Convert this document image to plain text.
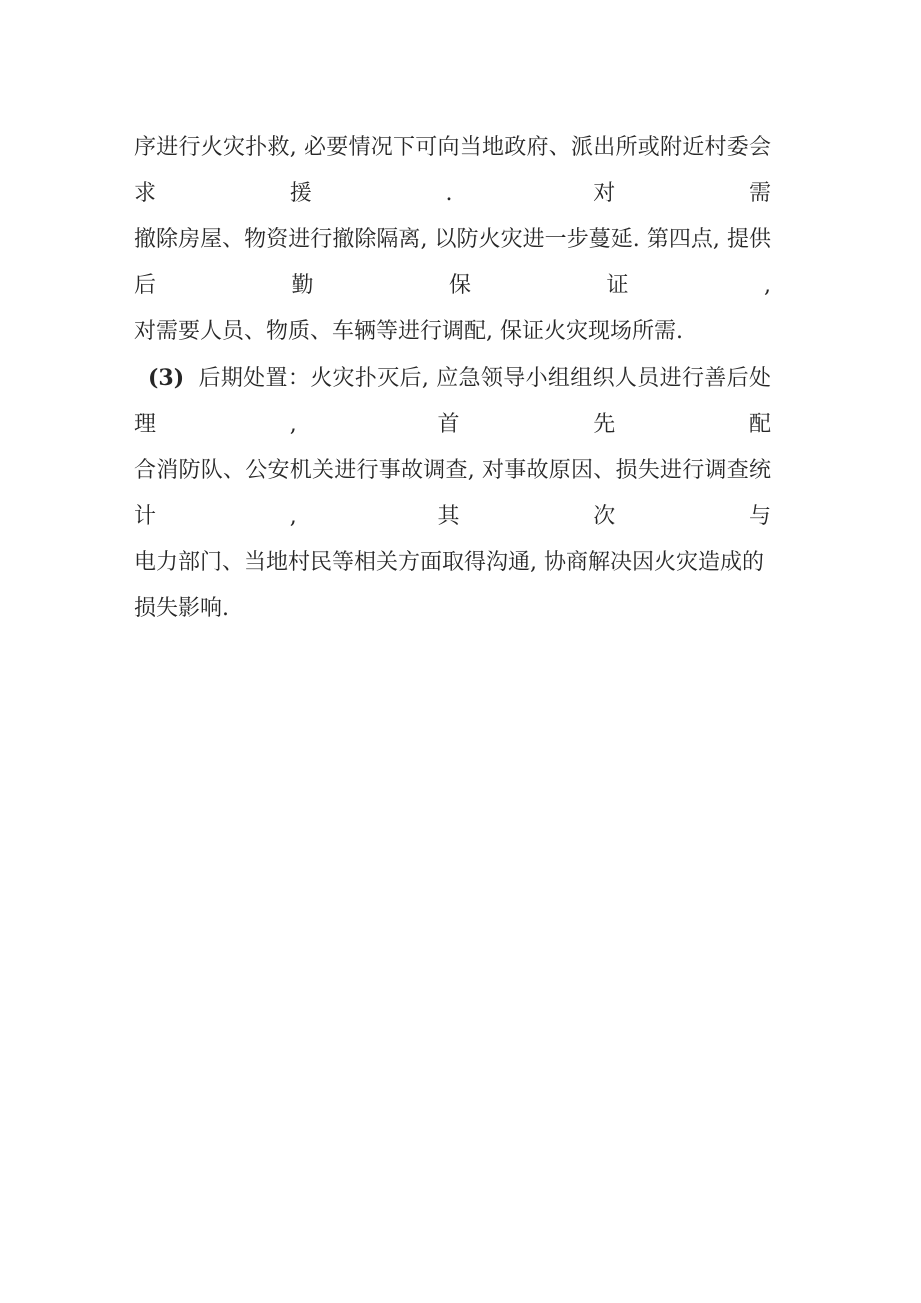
序进行火灾扑救, 必要情况下可向当地政府、派出所或附近村委会求援. 对需

撤除房屋、物资进行撤除隔离, 以防火灾进一步蔓延. 第四点, 提供后勤保证,

对需要人员、物质、车辆等进行调配, 保证火灾现场所需.

(3) 后期处置：火灾扑灭后, 应急领导小组组织人员进行善后处理, 首先配

合消防队、公安机关进行事故调查, 对事故原因、损失进行调查统计, 其次与

电力部门、当地村民等相关方面取得沟通, 协商解决因火灾造成的损失影响.
